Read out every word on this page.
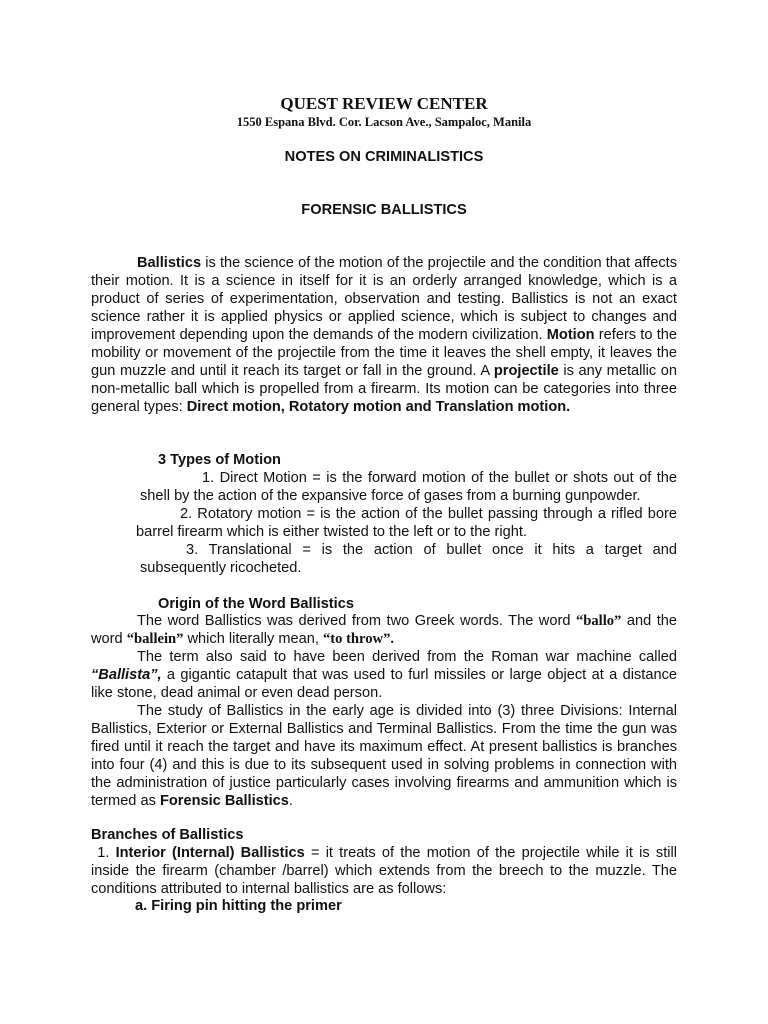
QUEST REVIEW CENTER
1550 Espana Blvd. Cor. Lacson Ave., Sampaloc, Manila
NOTES ON CRIMINALISTICS
FORENSIC BALLISTICS

Ballistics is the science of the motion of the projectile and the condition that affects their motion. It is a science in itself for it is an orderly arranged knowledge, which is a product of series of experimentation, observation and testing. Ballistics is not an exact science rather it is applied physics or applied science, which is subject to changes and improvement depending upon the demands of the modern civilization. Motion refers to the mobility or movement of the projectile from the time it leaves the shell empty, it leaves the gun muzzle and until it reach its target or fall in the ground. A projectile is any metallic on non-metallic ball which is propelled from a firearm. Its motion can be categories into three general types: Direct motion, Rotatory motion and Translation motion.

3 Types of Motion

1. Direct Motion = is the forward motion of the bullet or shots out of the shell by the action of the expansive force of gases from a burning gunpowder.

2. Rotatory motion = is the action of the bullet passing through a rifled bore barrel firearm which is either twisted to the left or to the right.

3. Translational = is the action of bullet once it hits a target and subsequently ricocheted.

Origin of the Word Ballistics

The word Ballistics was derived from two Greek words. The word “ballo” and the word “ballein” which literally mean, “to throw”.

The term also said to have been derived from the Roman war machine called “Ballista”, a gigantic catapult that was used to furl missiles or large object at a distance like stone, dead animal or even dead person.

The study of Ballistics in the early age is divided into (3) three Divisions: Internal Ballistics, Exterior or External Ballistics and Terminal Ballistics. From the time the gun was fired until it reach the target and have its maximum effect. At present ballistics is branches into four (4) and this is due to its subsequent used in solving problems in connection with the administration of justice particularly cases involving firearms and ammunition which is termed as Forensic Ballistics.

Branches of Ballistics

1. Interior (Internal) Ballistics = it treats of the motion of the projectile while it is still inside the firearm (chamber /barrel) which extends from the breech to the muzzle. The conditions attributed to internal ballistics are as follows:

a. Firing pin hitting the primer
